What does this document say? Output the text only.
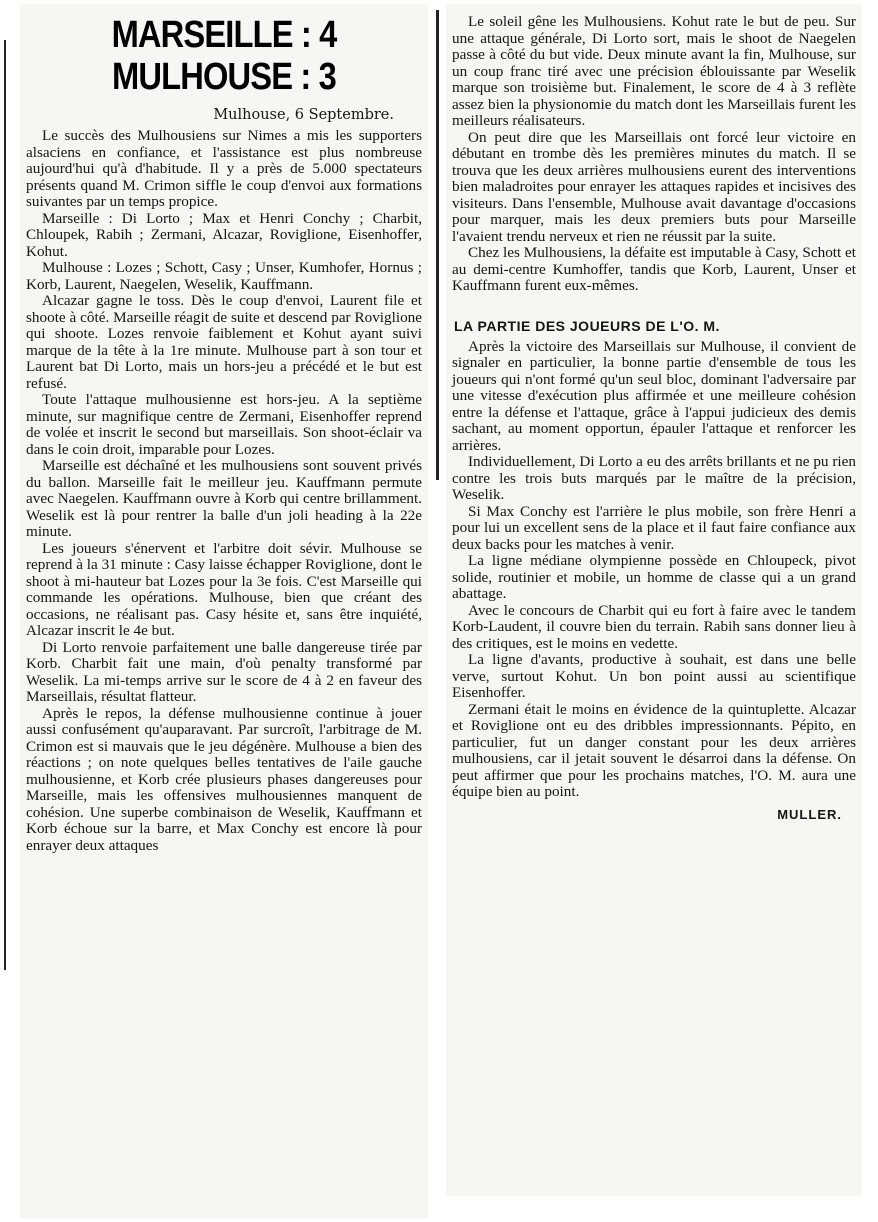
MARSEILLE : 4
MULHOUSE : 3
Mulhouse, 6 Septembre.

Le succès des Mulhousiens sur Nimes a mis les supporters alsaciens en confiance, et l'assistance est plus nombreuse aujourd'hui qu'à d'habitude. Il y a près de 5.000 spectateurs présents quand M. Crimon siffle le coup d'envoi aux formations suivantes par un temps propice.

Marseille : Di Lorto ; Max et Henri Conchy ; Charbit, Chloupek, Rabih ; Zermani, Alcazar, Roviglione, Eisenhoffer, Kohut.

Mulhouse : Lozes ; Schott, Casy ; Unser, Kumhofer, Hornus ; Korb, Laurent, Naegelen, Weselik, Kauffmann.

Alcazar gagne le toss. Dès le coup d'envoi, Laurent file et shoote à côté. Marseille réagit de suite et descend par Roviglione qui shoote. Lozes renvoie faiblement et Kohut ayant suivi marque de la tête à la 1re minute. Mulhouse part à son tour et Laurent bat Di Lorto, mais un hors-jeu a précédé et le but est refusé.

Toute l'attaque mulhousienne est hors-jeu. A la septième minute, sur magnifique centre de Zermani, Eisenhoffer reprend de volée et inscrit le second but marseillais. Son shoot-éclair va dans le coin droit, imparable pour Lozes.

Marseille est déchaîné et les mulhousiens sont souvent privés du ballon. Marseille fait le meilleur jeu. Kauffmann permute avec Naegelen. Kauffmann ouvre à Korb qui centre brillamment. Weselik est là pour rentrer la balle d'un joli heading à la 22e minute.

Les joueurs s'énervent et l'arbitre doit sévir. Mulhouse se reprend à la 31 minute : Casy laisse échapper Roviglione, dont le shoot à mi-hauteur bat Lozes pour la 3e fois. C'est Marseille qui commande les opérations. Mulhouse, bien que créant des occasions, ne réalisant pas. Casy hésite et, sans être inquiété, Alcazar inscrit le 4e but.

Di Lorto renvoie parfaitement une balle dangereuse tirée par Korb. Charbit fait une main, d'où penalty transformé par Weselik. La mi-temps arrive sur le score de 4 à 2 en faveur des Marseillais, résultat flatteur.

Après le repos, la défense mulhousienne continue à jouer aussi confusément qu'auparavant. Par surcroît, l'arbitrage de M. Crimon est si mauvais que le jeu dégénère. Mulhouse a bien des réactions ; on note quelques belles tentatives de l'aile gauche mulhousienne, et Korb crée plusieurs phases dangereuses pour Marseille, mais les offensives mulhousiennes manquent de cohésion. Une superbe combinaison de Weselik, Kauffmann et Korb échoue sur la barre, et Max Conchy est encore là pour enrayer deux attaques

Le soleil gêne les Mulhousiens. Kohut rate le but de peu. Sur une attaque générale, Di Lorto sort, mais le shoot de Naegelen passe à côté du but vide. Deux minute avant la fin, Mulhouse, sur un coup franc tiré avec une précision éblouissante par Weselik marque son troisième but. Finalement, le score de 4 à 3 reflète assez bien la physionomie du match dont les Marseillais furent les meilleurs réalisateurs.

On peut dire que les Marseillais ont forcé leur victoire en débutant en trombe dès les premières minutes du match. Il se trouva que les deux arrières mulhousiens eurent des interventions bien maladroites pour enrayer les attaques rapides et incisives des visiteurs. Dans l'ensemble, Mulhouse avait davantage d'occasions pour marquer, mais les deux premiers buts pour Marseille l'avaient trendu nerveux et rien ne réussit par la suite.

Chez les Mulhousiens, la défaite est imputable à Casy, Schott et au demi-centre Kumhoffer, tandis que Korb, Laurent, Unser et Kauffmann furent eux-mêmes.

LA PARTIE DES JOUEURS DE L'O. M.

Après la victoire des Marseillais sur Mulhouse, il convient de signaler en particulier, la bonne partie d'ensemble de tous les joueurs qui n'ont formé qu'un seul bloc, dominant l'adversaire par une vitesse d'exécution plus affirmée et une meilleure cohésion entre la défense et l'attaque, grâce à l'appui judicieux des demis sachant, au moment opportun, épauler l'attaque et renforcer les arrières.

Individuellement, Di Lorto a eu des arrêts brillants et ne pu rien contre les trois buts marqués par le maître de la précision, Weselik.

Si Max Conchy est l'arrière le plus mobile, son frère Henri a pour lui un excellent sens de la place et il faut faire confiance aux deux backs pour les matches à venir.

La ligne médiane olympienne possède en Chloupeck, pivot solide, routinier et mobile, un homme de classe qui a un grand abattage.

Avec le concours de Charbit qui eu fort à faire avec le tandem Korb-Laudent, il couvre bien du terrain. Rabih sans donner lieu à des critiques, est le moins en vedette.

La ligne d'avants, productive à souhait, est dans une belle verve, surtout Kohut. Un bon point aussi au scientifique Eisenhoffer.

Zermani était le moins en évidence de la quintuplette. Alcazar et Roviglione ont eu des dribbles impressionnants. Pépito, en particulier, fut un danger constant pour les deux arrières mulhousiens, car il jetait souvent le désarroi dans la défense. On peut affirmer que pour les prochains matches, l'O. M. aura une équipe bien au point.

MULLER.
